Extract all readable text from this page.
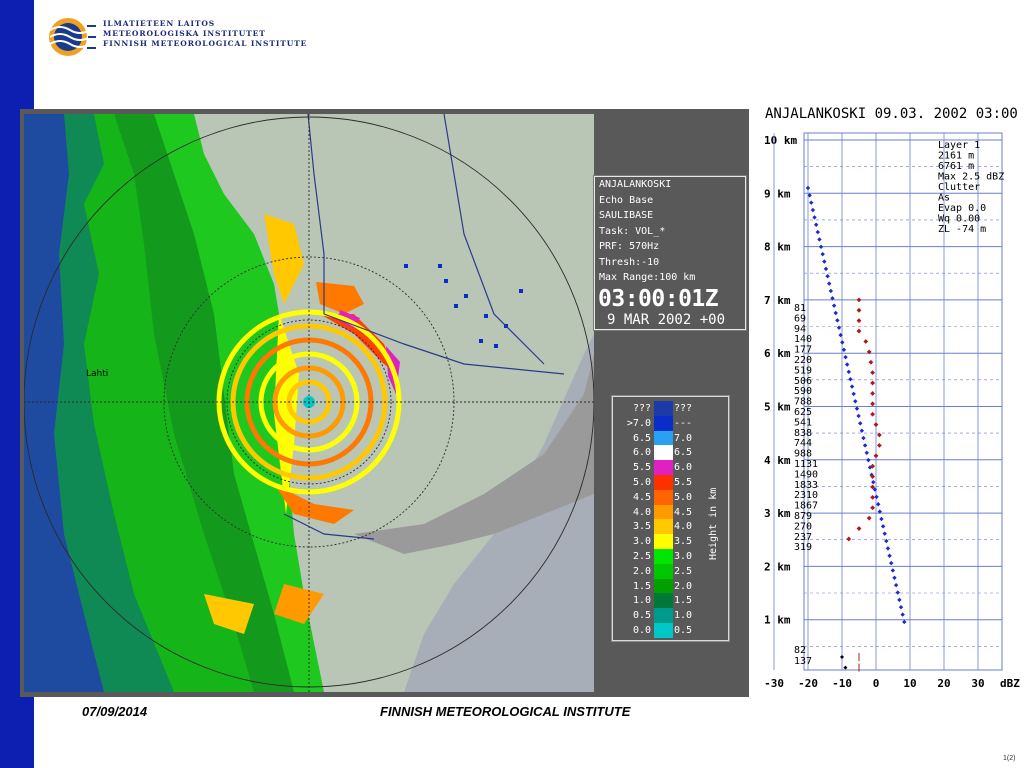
ILMATIETEEN LAITOS
METEOROLOGISKA INSTITUTET
FINNISH METEOROLOGICAL INSTITUTE
Lahti
ANJALANKOSKI
Echo Base
SAULIBASE
Task: VOL_*
PRF: 570Hz
Thresh:-10
Max Range:100 km
03:00:01Z
9 MAR 2002 +00
??? ???
>7.0 ---
6.5 7.0
6.0 6.5
5.5 6.0
5.0 5.5
4.5 5.0
4.0 4.5
3.5 4.0
3.0 3.5
2.5 3.0
2.0 2.5
1.5 2.0
1.0 1.5
0.5 1.0
0.0 0.5
Height in km
ANJALANKOSKI 09.03. 2002 03:00
10 km
9 km
8 km
7 km
6 km
5 km
4 km
3 km
2 km
1 km
-30 -20 -10 0 10 20 30 dBZ
Layer 1
2161 m
6761 m
Max 2.5 dBZ
Clutter
As
Evap 0.0
Wq 0.00
ZL -74 m
81
69
94
140
177
220
519
506
590
788
625
541
838
744
988
1131
1490
1833
2310
1867
879
270
237
319
82
137
07/09/2014	FINNISH METEOROLOGICAL INSTITUTE
1(2)
